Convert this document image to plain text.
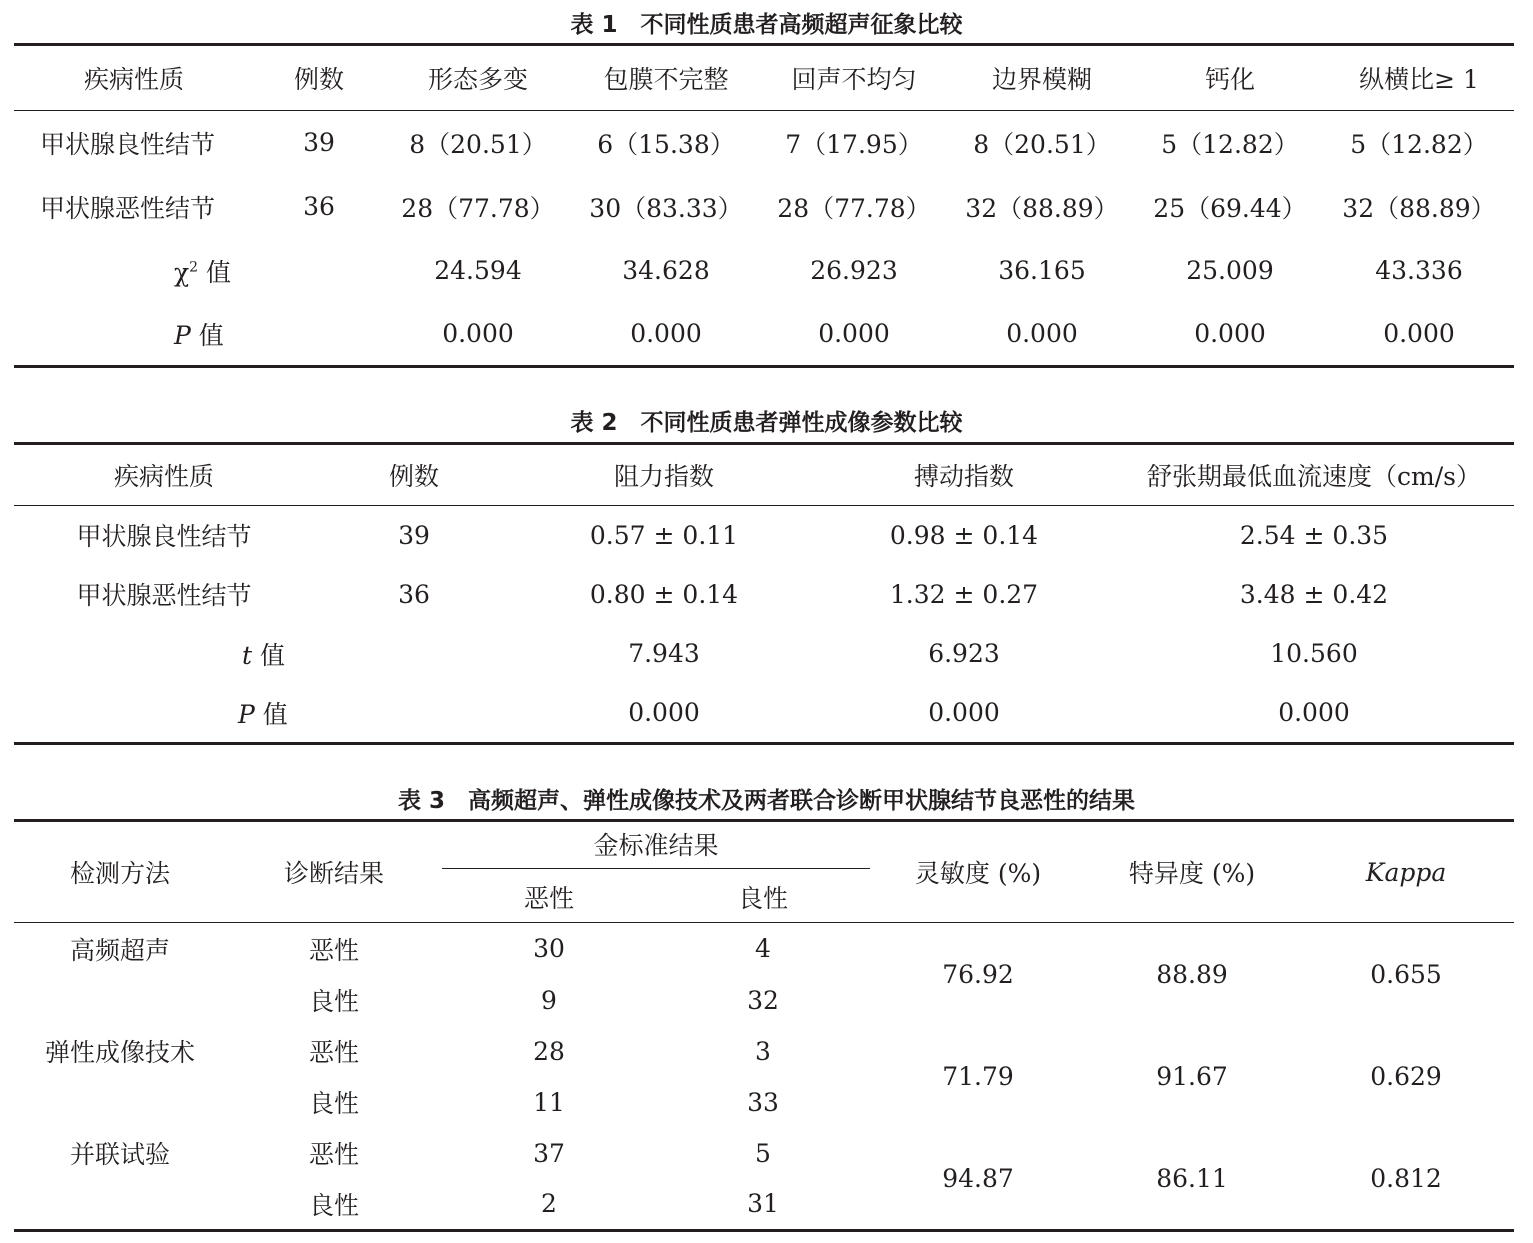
表 1　不同性质患者高频超声征象比较
疾病性质	例数	形态多变	包膜不完整	回声不均匀	边界模糊	钙化	纵横比≥ 1
甲状腺良性结节	39	8（20.51）	6（15.38）	7（17.95）	8（20.51）	5（12.82）	5（12.82）
甲状腺恶性结节	36	28（77.78）	30（83.33）	28（77.78）	32（88.89）	25（69.44）	32（88.89）
$\chi^2$ 值		24.594	34.628	26.923	36.165	25.009	43.336
P 值		0.000	0.000	0.000	0.000	0.000	0.000
表 2　不同性质患者弹性成像参数比较
疾病性质	例数	阻力指数	搏动指数	舒张期最低血流速度（cm/s）
甲状腺良性结节	39	0.57 ± 0.11	0.98 ± 0.14	2.54 ± 0.35
甲状腺恶性结节	36	0.80 ± 0.14	1.32 ± 0.27	3.48 ± 0.42
t 值		7.943	6.923	10.560
P 值		0.000	0.000	0.000
表 3　高频超声、弹性成像技术及两者联合诊断甲状腺结节良恶性的结果
检测方法	诊断结果	金标准结果		灵敏度 (%)	特异度 (%)	Kappa
		恶性	良性			
高频超声	恶性	30	4	76.92	88.89	0.655
	良性	9	32			
弹性成像技术	恶性	28	3	71.79	91.67	0.629
	良性	11	33			
并联试验	恶性	37	5	94.87	86.11	0.812
	良性	2	31			
